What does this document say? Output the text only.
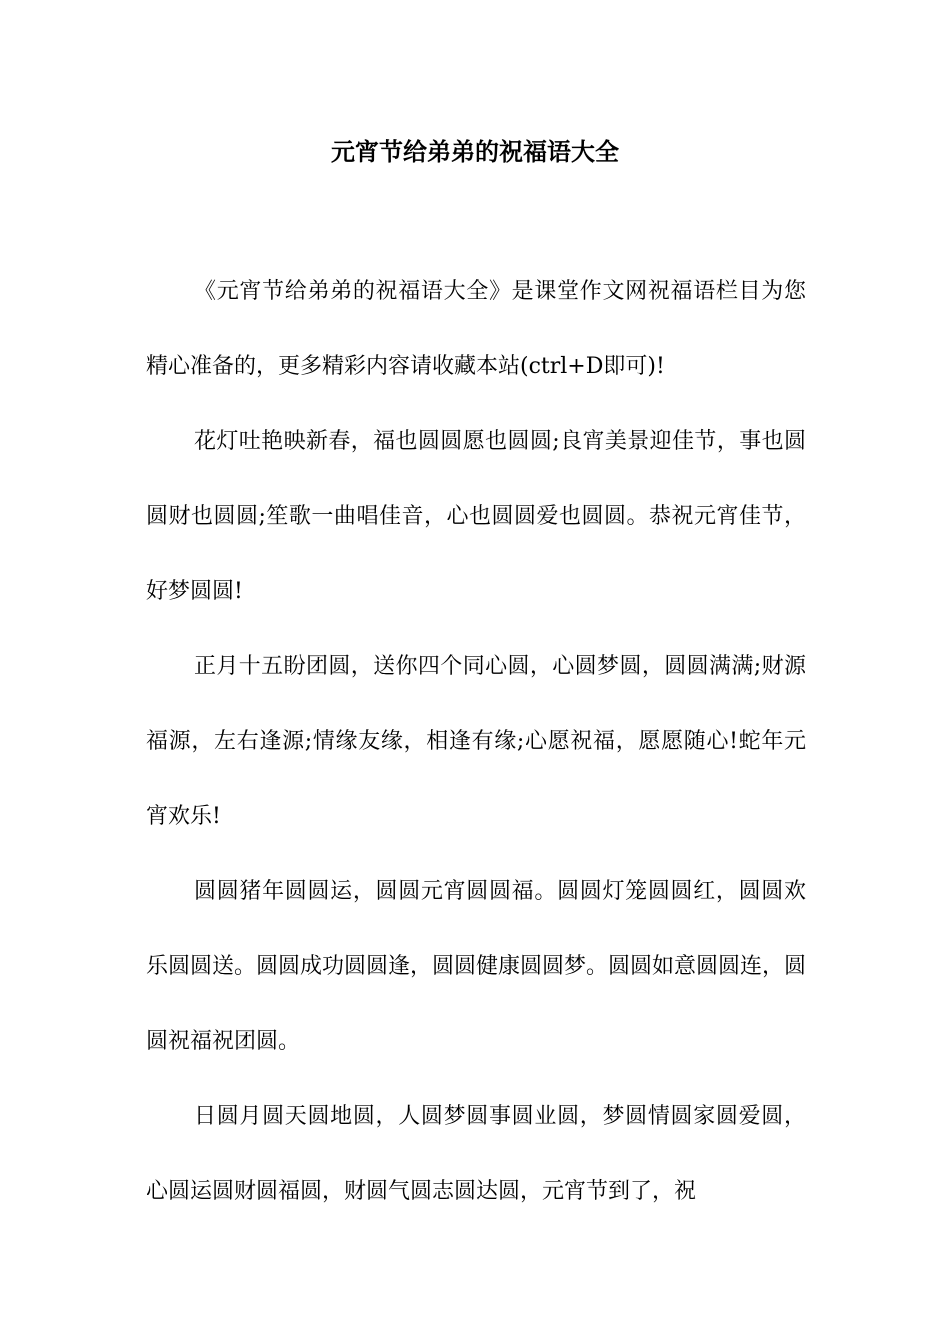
元宵节给弟弟的祝福语大全

《元宵节给弟弟的祝福语大全》是课堂作文网祝福语栏目为您精心准备的，更多精彩内容请收藏本站(ctrl+D即可)!

花灯吐艳映新春，福也圆圆愿也圆圆;良宵美景迎佳节，事也圆圆财也圆圆;笙歌一曲唱佳音，心也圆圆爱也圆圆。恭祝元宵佳节，好梦圆圆!

正月十五盼团圆，送你四个同心圆，心圆梦圆，圆圆满满;财源福源，左右逢源;情缘友缘，相逢有缘;心愿祝福，愿愿随心!蛇年元宵欢乐!

圆圆猪年圆圆运，圆圆元宵圆圆福。圆圆灯笼圆圆红，圆圆欢乐圆圆送。圆圆成功圆圆逢，圆圆健康圆圆梦。圆圆如意圆圆连，圆圆祝福祝团圆。

日圆月圆天圆地圆，人圆梦圆事圆业圆，梦圆情圆家圆爱圆，心圆运圆财圆福圆，财圆气圆志圆达圆，元宵节到了，祝
